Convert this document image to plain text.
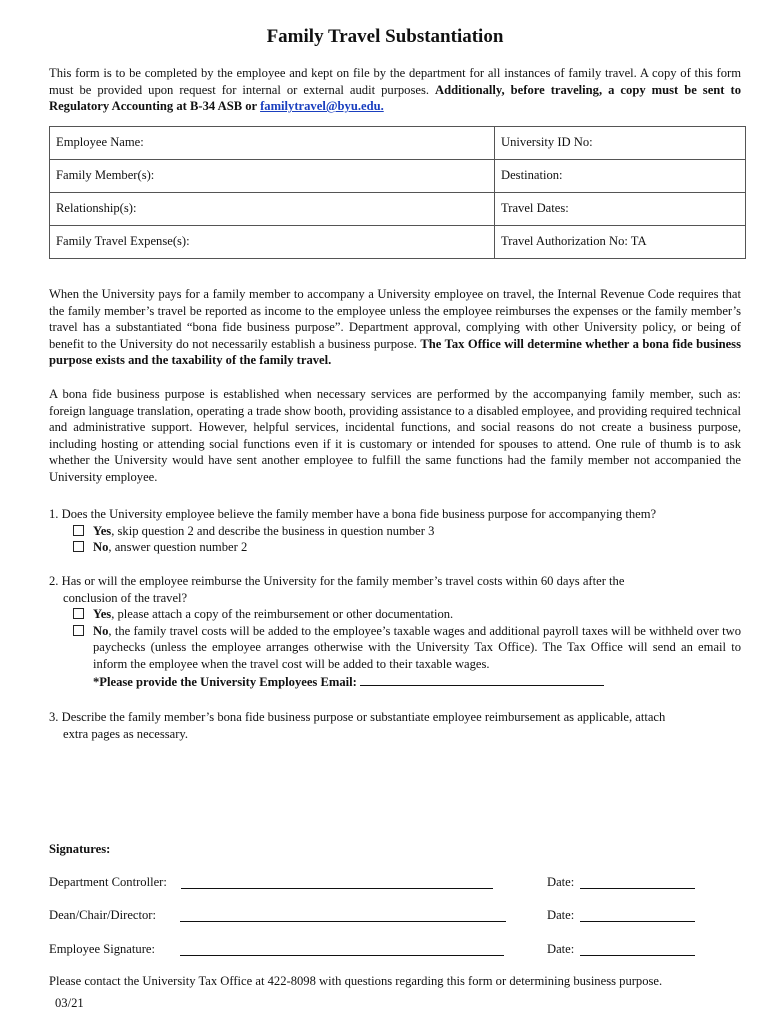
Family Travel Substantiation
This form is to be completed by the employee and kept on file by the department for all instances of family travel. A copy of this form must be provided upon request for internal or external audit purposes. Additionally, before traveling, a copy must be sent to Regulatory Accounting at B-34 ASB or familytravel@byu.edu.
Employee Name:	University ID No:
Family Member(s):	Destination:
Relationship(s):	Travel Dates:
Family Travel Expense(s):	Travel Authorization No: TA
When the University pays for a family member to accompany a University employee on travel, the Internal Revenue Code requires that the family member’s travel be reported as income to the employee unless the employee reimburses the expenses or the family member’s travel has a substantiated “bona fide business purpose”. Department approval, complying with other University policy, or being of benefit to the University do not necessarily establish a business purpose. The Tax Office will determine whether a bona fide business purpose exists and the taxability of the family travel.
A bona fide business purpose is established when necessary services are performed by the accompanying family member, such as: foreign language translation, operating a trade show booth, providing assistance to a disabled employee, and providing required technical and administrative support. However, helpful services, incidental functions, and social reasons do not create a business purpose, including hosting or attending social functions even if it is customary or intended for spouses to attend. One rule of thumb is to ask whether the University would have sent another employee to fulfill the same functions had the family member not accompanied the University employee.
1. Does the University employee believe the family member have a bona fide business purpose for accompanying them?
Yes, skip question 2 and describe the business in question number 3
No, answer question number 2
2. Has or will the employee reimburse the University for the family member’s travel costs within 60 days after the
conclusion of the travel?
Yes, please attach a copy of the reimbursement or other documentation.
No, the family travel costs will be added to the employee’s taxable wages and additional payroll taxes will be withheld over two paychecks (unless the employee arranges otherwise with the University Tax Office). The Tax Office will send an email to inform the employee when the travel cost will be added to their taxable wages.
*Please provide the University Employees Email:
3. Describe the family member’s bona fide business purpose or substantiate employee reimbursement as applicable, attach
extra pages as necessary.
Signatures:
Department Controller:	Date:
Dean/Chair/Director:	Date:
Employee Signature:	Date:
Please contact the University Tax Office at 422-8098 with questions regarding this form or determining business purpose.
03/21
